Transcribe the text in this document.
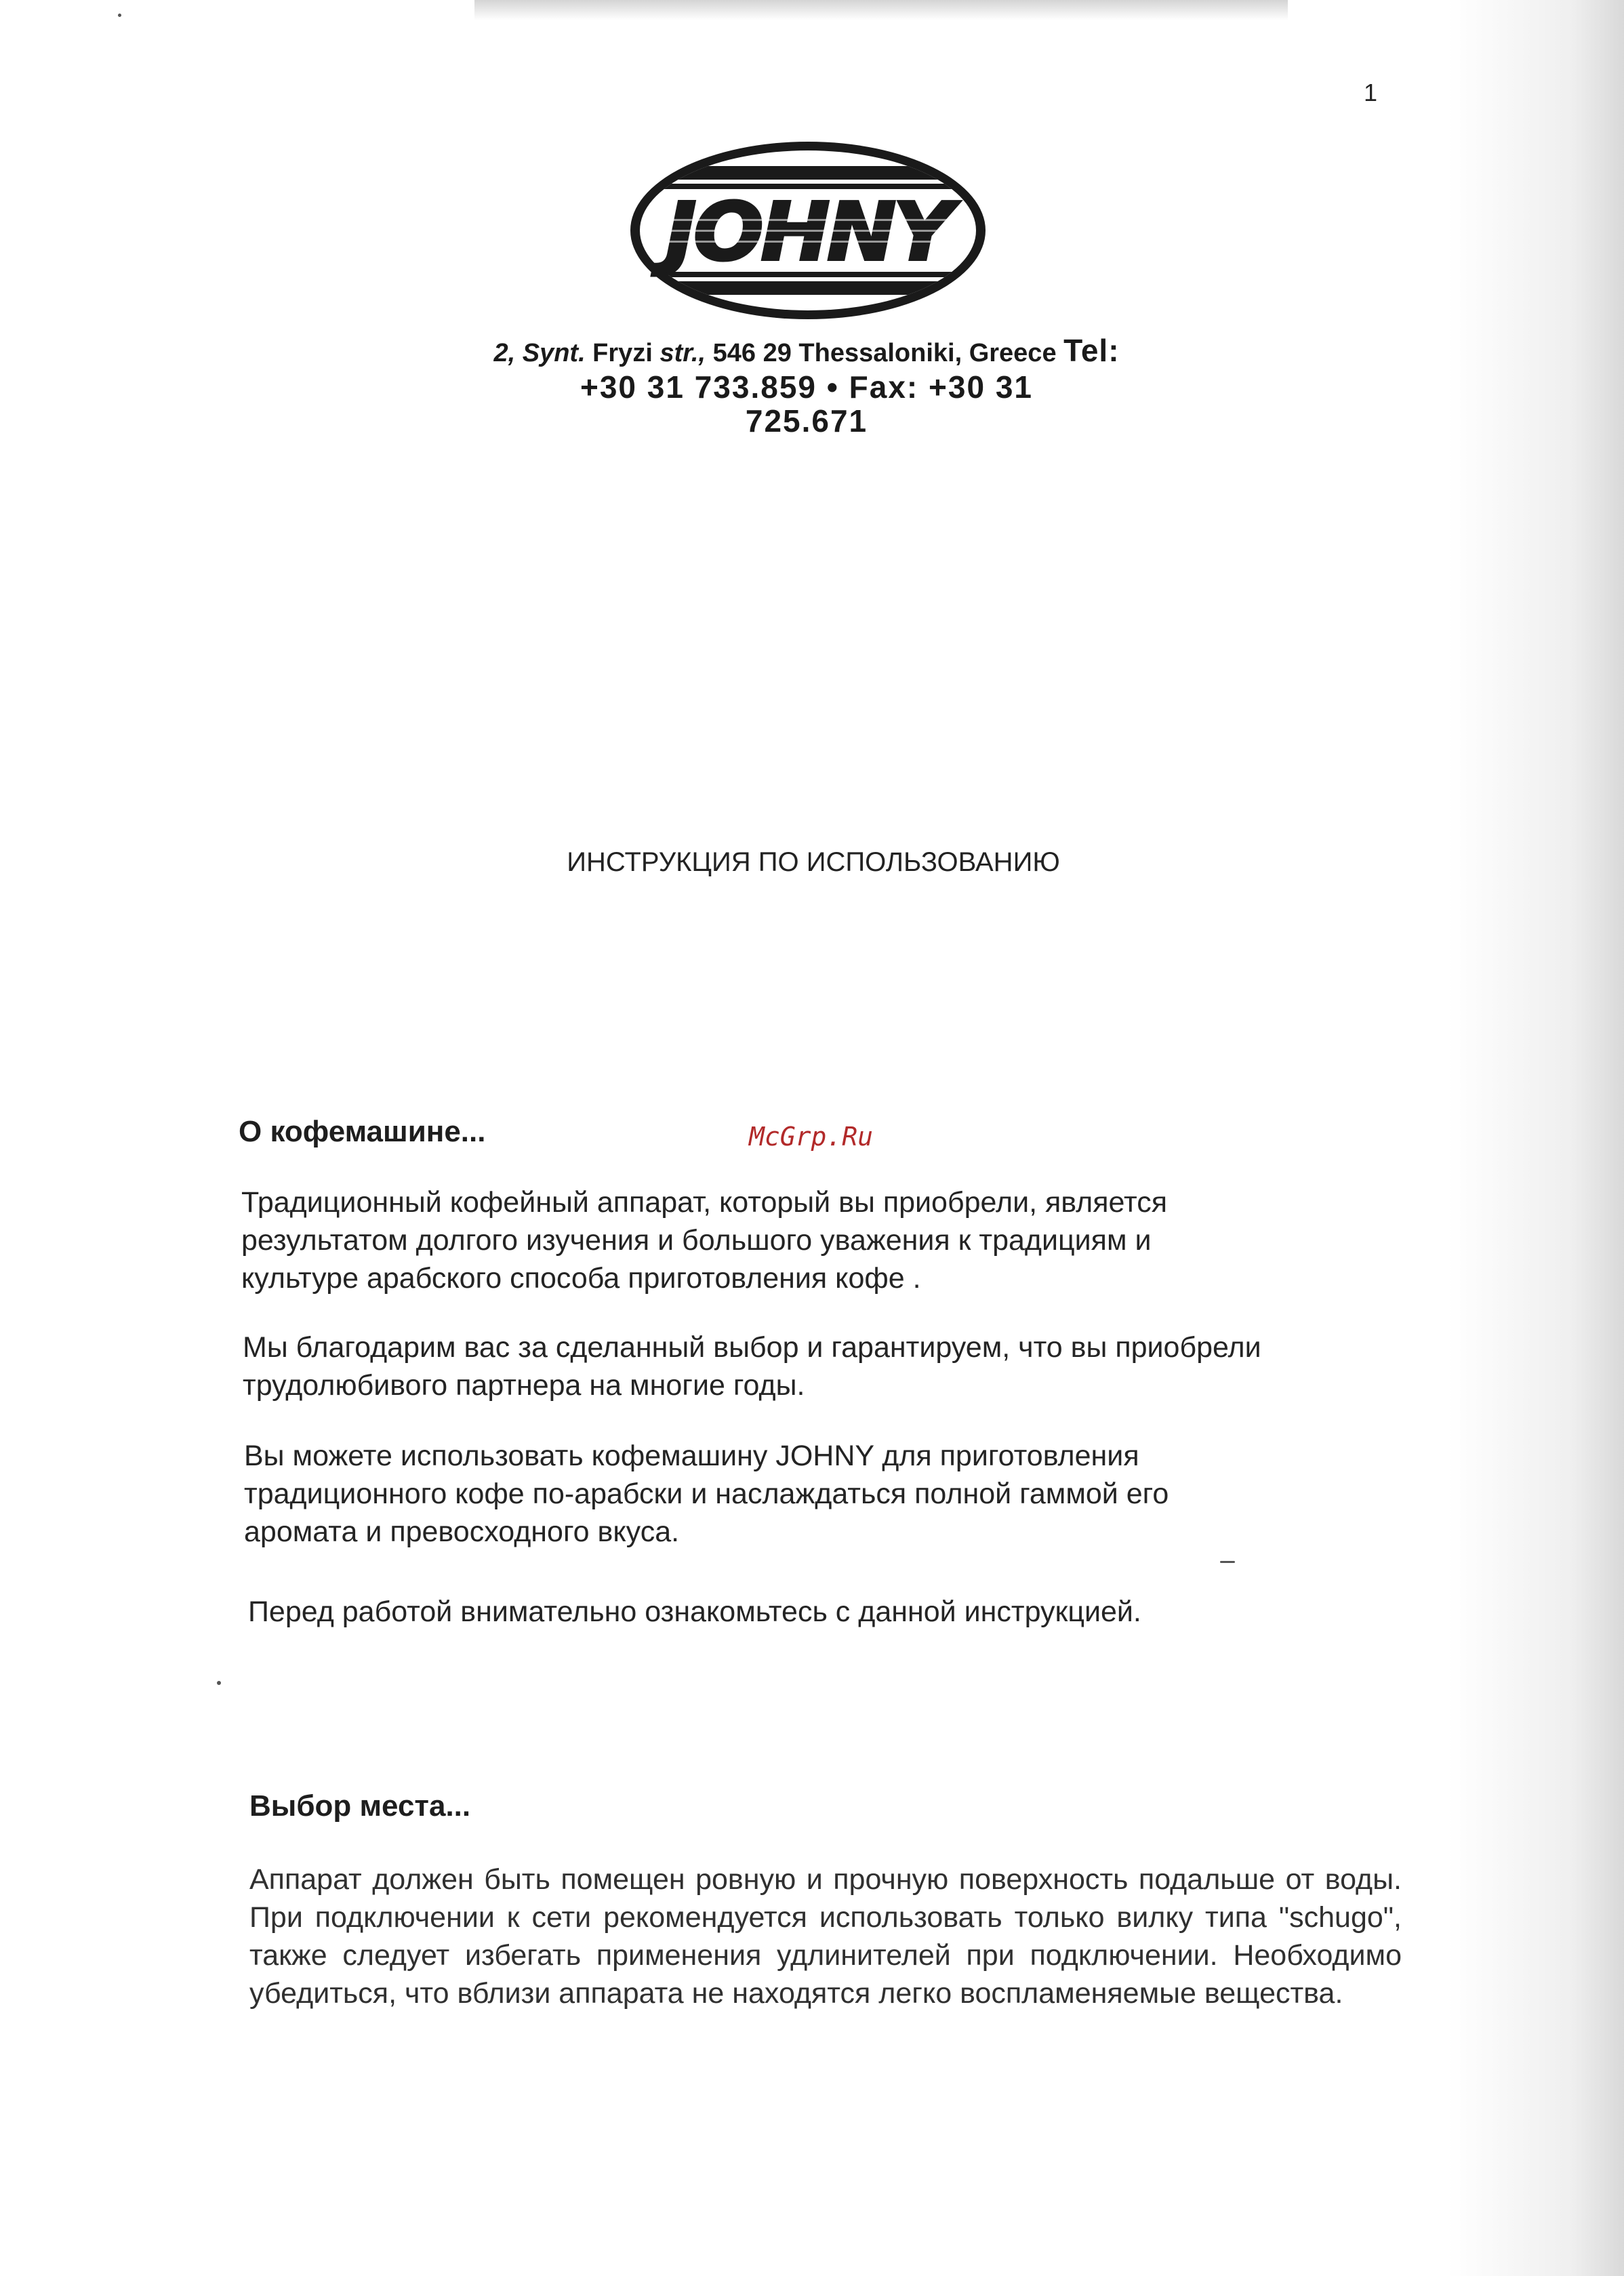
1
2, Synt. Fryzi str., 546 29 Thessaloniki, Greece Tel:
+30 31 733.859 • Fax: +30 31
725.671
ИНСТРУКЦИЯ ПО ИСПОЛЬЗОВАНИЮ
McGrp.Ru
О кофемашине...
Традиционный кофейный аппарат, который вы приобрели, является
результатом долгого изучения и большого уважения к традициям и
культуре арабского способа приготовления кофе .
Мы благодарим вас за сделанный выбор и гарантируем, что вы приобрели
трудолюбивого партнера на многие годы.
Вы можете использовать кофемашину JOHNY для приготовления
традиционного кофе по-арабски и наслаждаться полной гаммой его
аромата и превосходного вкуса.
Перед работой внимательно ознакомьтесь с данной инструкцией.
Выбор места...
Аппарат должен быть помещен ровную и прочную поверхность подальше от воды. При подключении к сети рекомендуется использовать только вилку типа "schugo", также следует избегать применения удлинителей при подключении. Необходимо убедиться, что вблизи аппарата не находятся легко воспламеняемые вещества.
